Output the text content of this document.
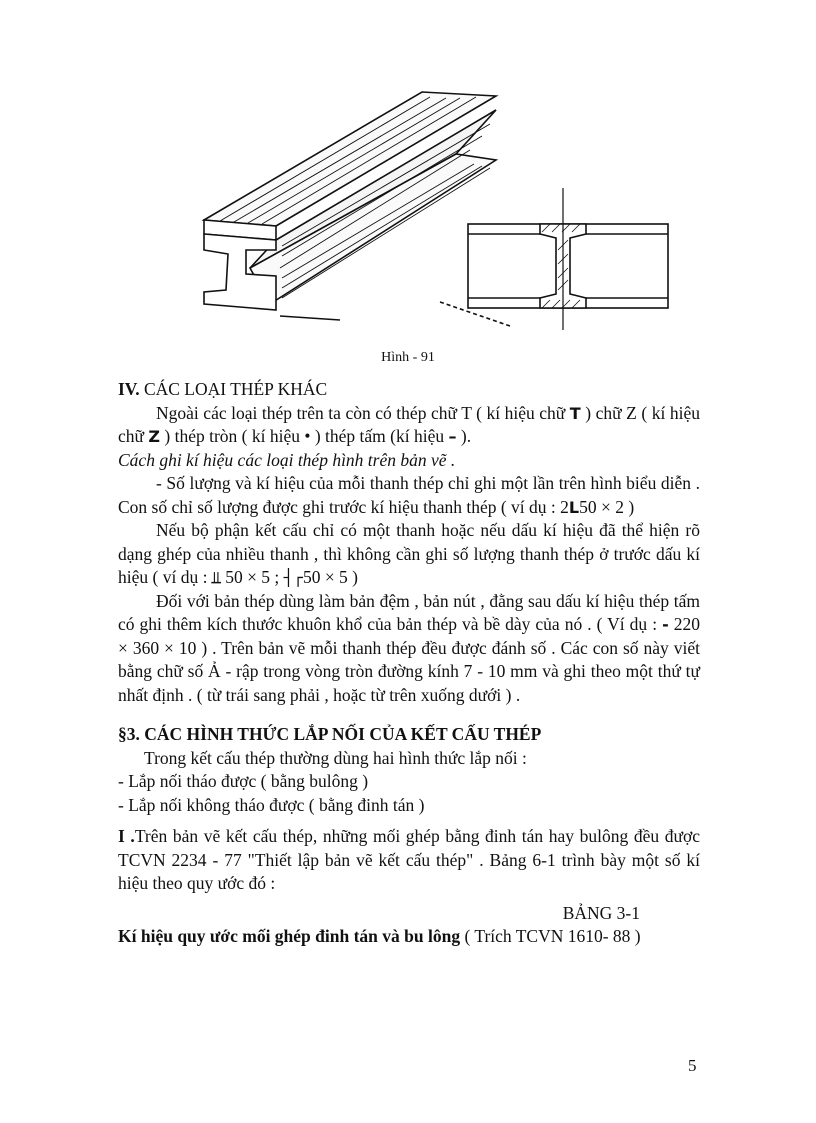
Hình - 91

IV. CÁC LOẠI THÉP KHÁC

Ngoài các loại thép trên ta còn có thép chữ T ( kí hiệu chữ T ) chữ Z ( kí hiệu chữ Z ) thép tròn ( kí hiệu • ) thép tấm (kí hiệu – ).

Cách ghi kí hiệu các loại thép hình trên bản vẽ .

- Số lượng và kí hiệu của mỗi thanh thép chỉ ghi một lần trên hình biểu diễn . Con số chỉ số lượng được ghi trước kí hiệu thanh thép ( ví dụ : 2L50 × 2 )

Nếu bộ phận kết cấu chỉ có một thanh hoặc nếu dấu kí hiệu đã thể hiện rõ dạng ghép của nhiều thanh , thì không cần ghi số lượng thanh thép ở trước dấu kí hiệu ( ví dụ : ⫫ 50 × 5 ; ┤┌50 × 5 )

Đối với bản thép dùng làm bản đệm , bản nút , đằng sau dấu kí hiệu thép tấm có ghi thêm kích thước khuôn khổ của bản thép và bề dày của nó . ( Ví dụ : - 220 × 360 × 10 ) . Trên bản vẽ mỗi thanh thép đều được đánh số . Các con số này viết bằng chữ số Ả - rập trong vòng tròn đường kính 7 - 10 mm và ghi theo một thứ tự nhất định . ( từ trái sang phải , hoặc từ trên xuống dưới ) .

§3. CÁC HÌNH THỨC LẮP NỐI CỦA KẾT CẤU THÉP

Trong kết cấu thép thường dùng hai hình thức lắp nối :

- Lắp nối tháo được ( bằng bulông )

- Lắp nối không tháo được ( bằng đinh tán )

I .Trên bản vẽ kết cấu thép, những mối ghép bằng đinh tán hay bulông đều được TCVN 2234 - 77 "Thiết lập bản vẽ kết cấu thép" . Bảng 6-1 trình bày một số kí hiệu theo quy ước đó :

BẢNG 3-1

Kí hiệu quy ước mối ghép đinh tán và bu lông ( Trích TCVN 1610- 88 )

5
